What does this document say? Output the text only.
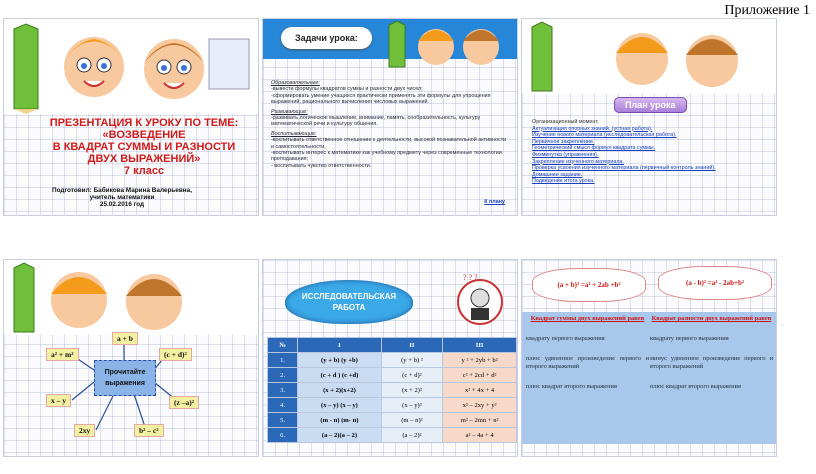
Приложение 1
ПРЕЗЕНТАЦИЯ К УРОКУ ПО ТЕМЕ:
«ВОЗВЕДЕНИЕ
В КВАДРАТ СУММЫ И РАЗНОСТИ
ДВУХ ВЫРАЖЕНИЙ»
7 класс
Подготовил: Бабикова Марина Валерьевна,
учитель математики
25.02.2016 год
Задачи урока:
Образовательные:
-вывести формулы квадратов суммы и разности двух чисел;
-сформировать умение учащихся практически применять эти формулы для упрощения выражений, рационального вычисления числовых выражений.
Развивающие:
-развивать логическое мышление, внимание, память, сообразительность, культуру математической речи и культуру общения.
Воспитывающие:
-воспитывать ответственное отношение к деятельности, высокой познавательной активности и самостоятельности,
-воспитывать интерес к математике как учебному предмету через современные технологии преподавания;
- воспитывать чувство ответственности.
К плану
План урока
Организационный момент.
Актуализация опорных знаний. (устная работа).
Изучение нового материала (исследовательская работа).
Первичное закрепление.
Геометрический смысл формул квадрата суммы.
Физминутка (упражнения).
Закрепление изученного материала.
Проверка усвоения изученного материала (первичный контроль знаний).
Домашнее задание.
Подведение итога урока.
Прочитайте выражения
a + b
a² + m²	(c + d)²
x – y	(z –a)²
2xy	b² – c²
ИССЛЕДОВАТЕЛЬСКАЯ
РАБОТА
? ? ?
№	I	II	III
1.	(y + b) (y +b)	(y + b) ²	y ² + 2yb + b²
2.	(c + d ) (c +d)	(c + d)²	c² + 2cd + d²
3.	(x + 2)(x+2)	(x + 2)²	x² + 4x + 4
4.	(x – y) (x – y)	(x – y)²	x² – 2xy + y²
5.	(m - n) (m- n)	(m – n)²	m² – 2mn + n²
6.	(a – 2)(a – 2)	(a – 2)²	a² – 4a + 4
(a + b)² =a² + 2ab +b²	(a - b)² =a² - 2ab+b²
Квадрат суммы двух выражений равен

квадрату первого выражения

плюс удвоенное произведение первого и второго выражений

плюс квадрат второго выражения

Квадрат разности двух выражений равен

квадрату первого выражения

минус удвоенное произведение первого и второго выражений

плюс квадрат второго выражения
